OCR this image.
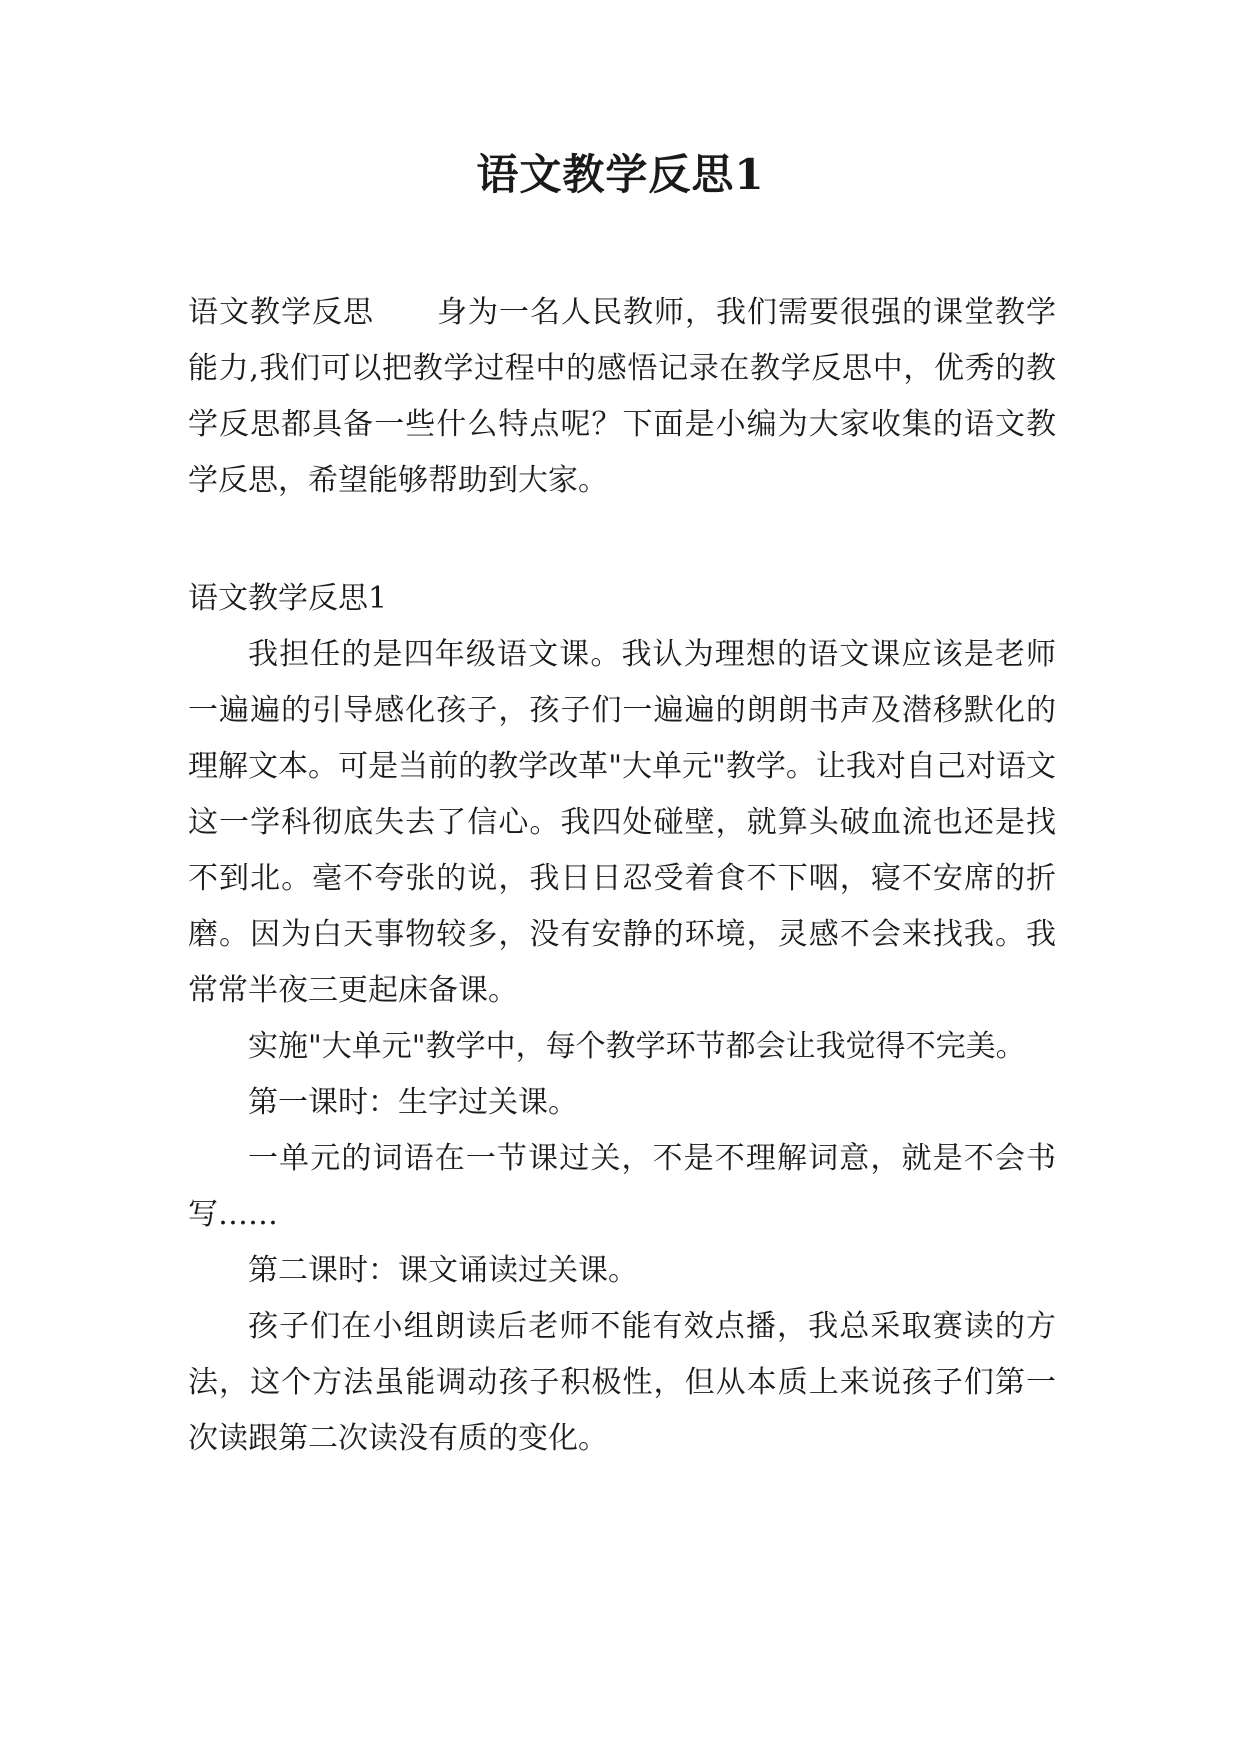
语文教学反思1

语文教学反思 身为一名人民教师，我们需要很强的课堂教学能力,我们可以把教学过程中的感悟记录在教学反思中，优秀的教学反思都具备一些什么特点呢？下面是小编为大家收集的语文教学反思，希望能够帮助到大家。

语文教学反思1

我担任的是四年级语文课。我认为理想的语文课应该是老师一遍遍的引导感化孩子，孩子们一遍遍的朗朗书声及潜移默化的理解文本。可是当前的教学改革"大单元"教学。让我对自己对语文这一学科彻底失去了信心。我四处碰壁，就算头破血流也还是找不到北。毫不夸张的说，我日日忍受着食不下咽，寝不安席的折磨。因为白天事物较多，没有安静的环境，灵感不会来找我。我常常半夜三更起床备课。

实施"大单元"教学中，每个教学环节都会让我觉得不完美。

第一课时：生字过关课。

一单元的词语在一节课过关，不是不理解词意，就是不会书写……

第二课时：课文诵读过关课。

孩子们在小组朗读后老师不能有效点播，我总采取赛读的方法，这个方法虽能调动孩子积极性，但从本质上来说孩子们第一次读跟第二次读没有质的变化。
